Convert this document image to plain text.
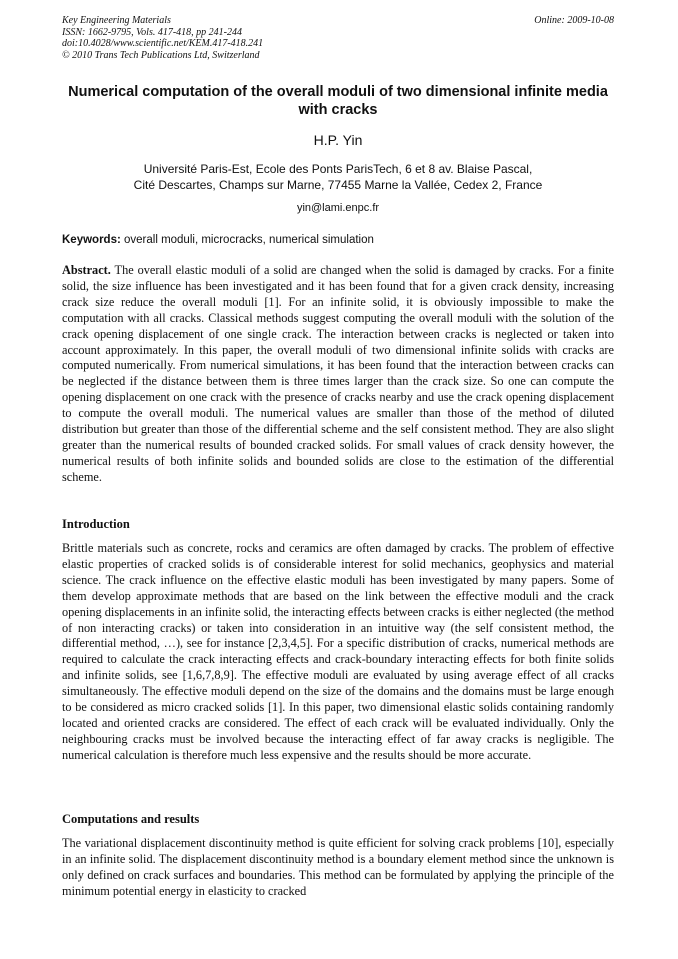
Key Engineering Materials
ISSN: 1662-9795, Vols. 417-418, pp 241-244
doi:10.4028/www.scientific.net/KEM.417-418.241
© 2010 Trans Tech Publications Ltd, Switzerland
Online: 2009-10-08
Numerical computation of the overall moduli of two dimensional infinite media with cracks
H.P. Yin
Université Paris-Est, Ecole des Ponts ParisTech, 6 et 8 av. Blaise Pascal,
Cité Descartes, Champs sur Marne, 77455 Marne la Vallée, Cedex 2, France
yin@lami.enpc.fr
Keywords: overall moduli, microcracks, numerical simulation
Abstract. The overall elastic moduli of a solid are changed when the solid is damaged by cracks. For a finite solid, the size influence has been investigated and it has been found that for a given crack density, increasing crack size reduce the overall moduli [1]. For an infinite solid, it is obviously impossible to make the computation with all cracks. Classical methods suggest computing the overall moduli with the solution of the crack opening displacement of one single crack. The interaction between cracks is neglected or taken into account approximately. In this paper, the overall moduli of two dimensional infinite solids with cracks are computed numerically. From numerical simulations, it has been found that the interaction between cracks can be neglected if the distance between them is three times larger than the crack size. So one can compute the opening displacement on one crack with the presence of cracks nearby and use the crack opening displacement to compute the overall moduli. The numerical values are smaller than those of the method of diluted distribution but greater than those of the differential scheme and the self consistent method. They are also slight greater than the numerical results of bounded cracked solids. For small values of crack density however, the numerical results of both infinite solids and bounded solids are close to the estimation of the differential scheme.
Introduction
Brittle materials such as concrete, rocks and ceramics are often damaged by cracks. The problem of effective elastic properties of cracked solids is of considerable interest for solid mechanics, geophysics and material science. The crack influence on the effective elastic moduli has been investigated by many papers. Some of them develop approximate methods that are based on the link between the effective moduli and the crack opening displacements in an infinite solid, the interacting effects between cracks is either neglected (the method of non interacting cracks) or taken into consideration in an intuitive way (the self consistent method, the differential method, …), see for instance [2,3,4,5]. For a specific distribution of cracks, numerical methods are required to calculate the crack interacting effects and crack-boundary interacting effects for both finite solids and infinite solids, see [1,6,7,8,9]. The effective moduli are evaluated by using average effect of all cracks simultaneously. The effective moduli depend on the size of the domains and the domains must be large enough to be considered as micro cracked solids [1]. In this paper, two dimensional elastic solids containing randomly located and oriented cracks are considered. The effect of each crack will be evaluated individually. Only the neighbouring cracks must be involved because the interacting effect of far away cracks is negligible. The numerical calculation is therefore much less expensive and the results should be more accurate.
Computations and results
The variational displacement discontinuity method is quite efficient for solving crack problems [10], especially in an infinite solid. The displacement discontinuity method is a boundary element method since the unknown is only defined on crack surfaces and boundaries. This method can be formulated by applying the principle of the minimum potential energy in elasticity to cracked
